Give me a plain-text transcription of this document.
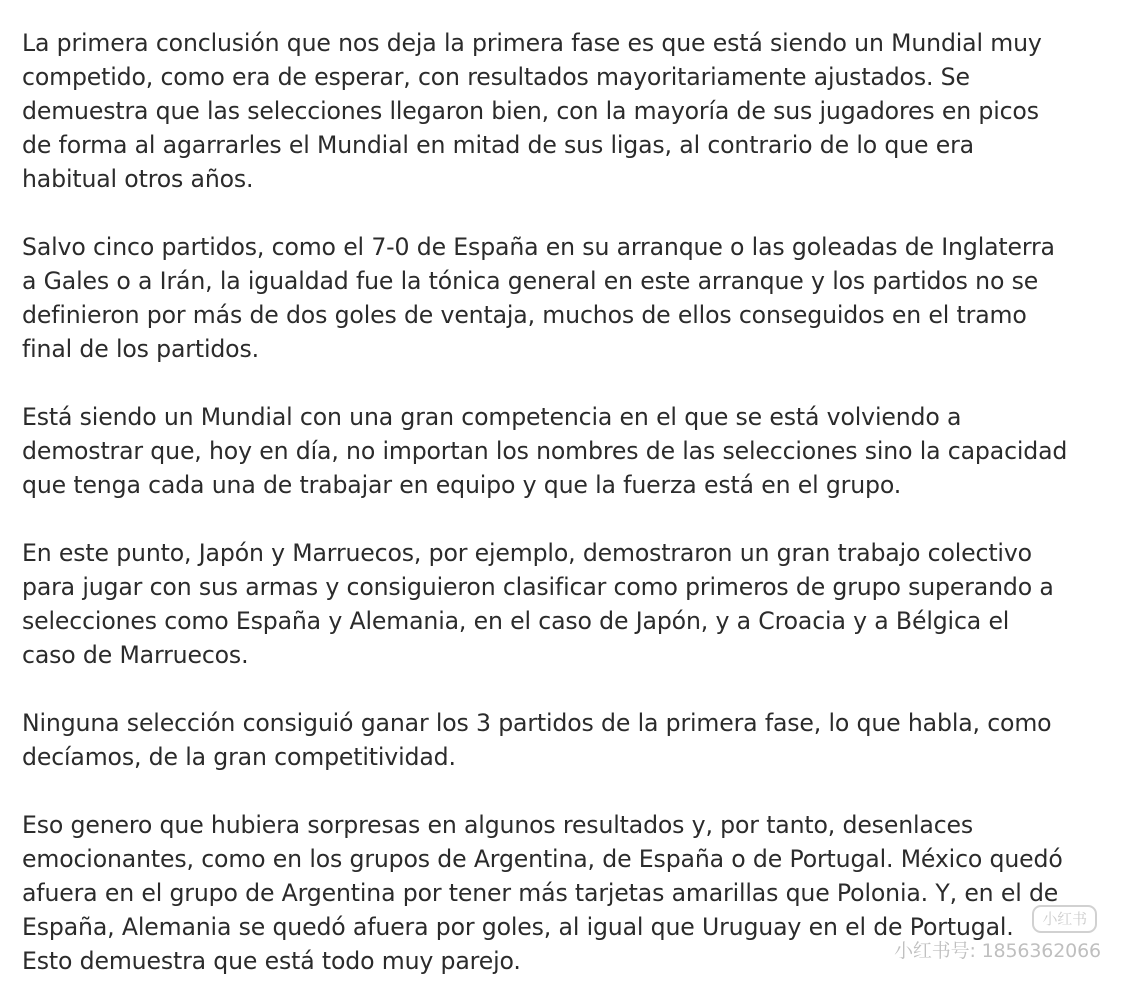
La primera conclusión que nos deja la primera fase es que está siendo un Mundial muy
competido, como era de esperar, con resultados mayoritariamente ajustados. Se
demuestra que las selecciones llegaron bien, con la mayoría de sus jugadores en picos
de forma al agarrarles el Mundial en mitad de sus ligas, al contrario de lo que era
habitual otros años.

Salvo cinco partidos, como el 7-0 de España en su arranque o las goleadas de Inglaterra
a Gales o a Irán, la igualdad fue la tónica general en este arranque y los partidos no se
definieron por más de dos goles de ventaja, muchos de ellos conseguidos en el tramo
final de los partidos.

Está siendo un Mundial con una gran competencia en el que se está volviendo a
demostrar que, hoy en día, no importan los nombres de las selecciones sino la capacidad
que tenga cada una de trabajar en equipo y que la fuerza está en el grupo.

En este punto, Japón y Marruecos, por ejemplo, demostraron un gran trabajo colectivo
para jugar con sus armas y consiguieron clasificar como primeros de grupo superando a
selecciones como España y Alemania, en el caso de Japón, y a Croacia y a Bélgica el
caso de Marruecos.

Ninguna selección consiguió ganar los 3 partidos de la primera fase, lo que habla, como
decíamos, de la gran competitividad.

Eso genero que hubiera sorpresas en algunos resultados y, por tanto, desenlaces
emocionantes, como en los grupos de Argentina, de España o de Portugal. México quedó
afuera en el grupo de Argentina por tener más tarjetas amarillas que Polonia. Y, en el de
España, Alemania se quedó afuera por goles, al igual que Uruguay en el de Portugal.
Esto demuestra que está todo muy parejo.

小红书
小红书号: 1856362066
